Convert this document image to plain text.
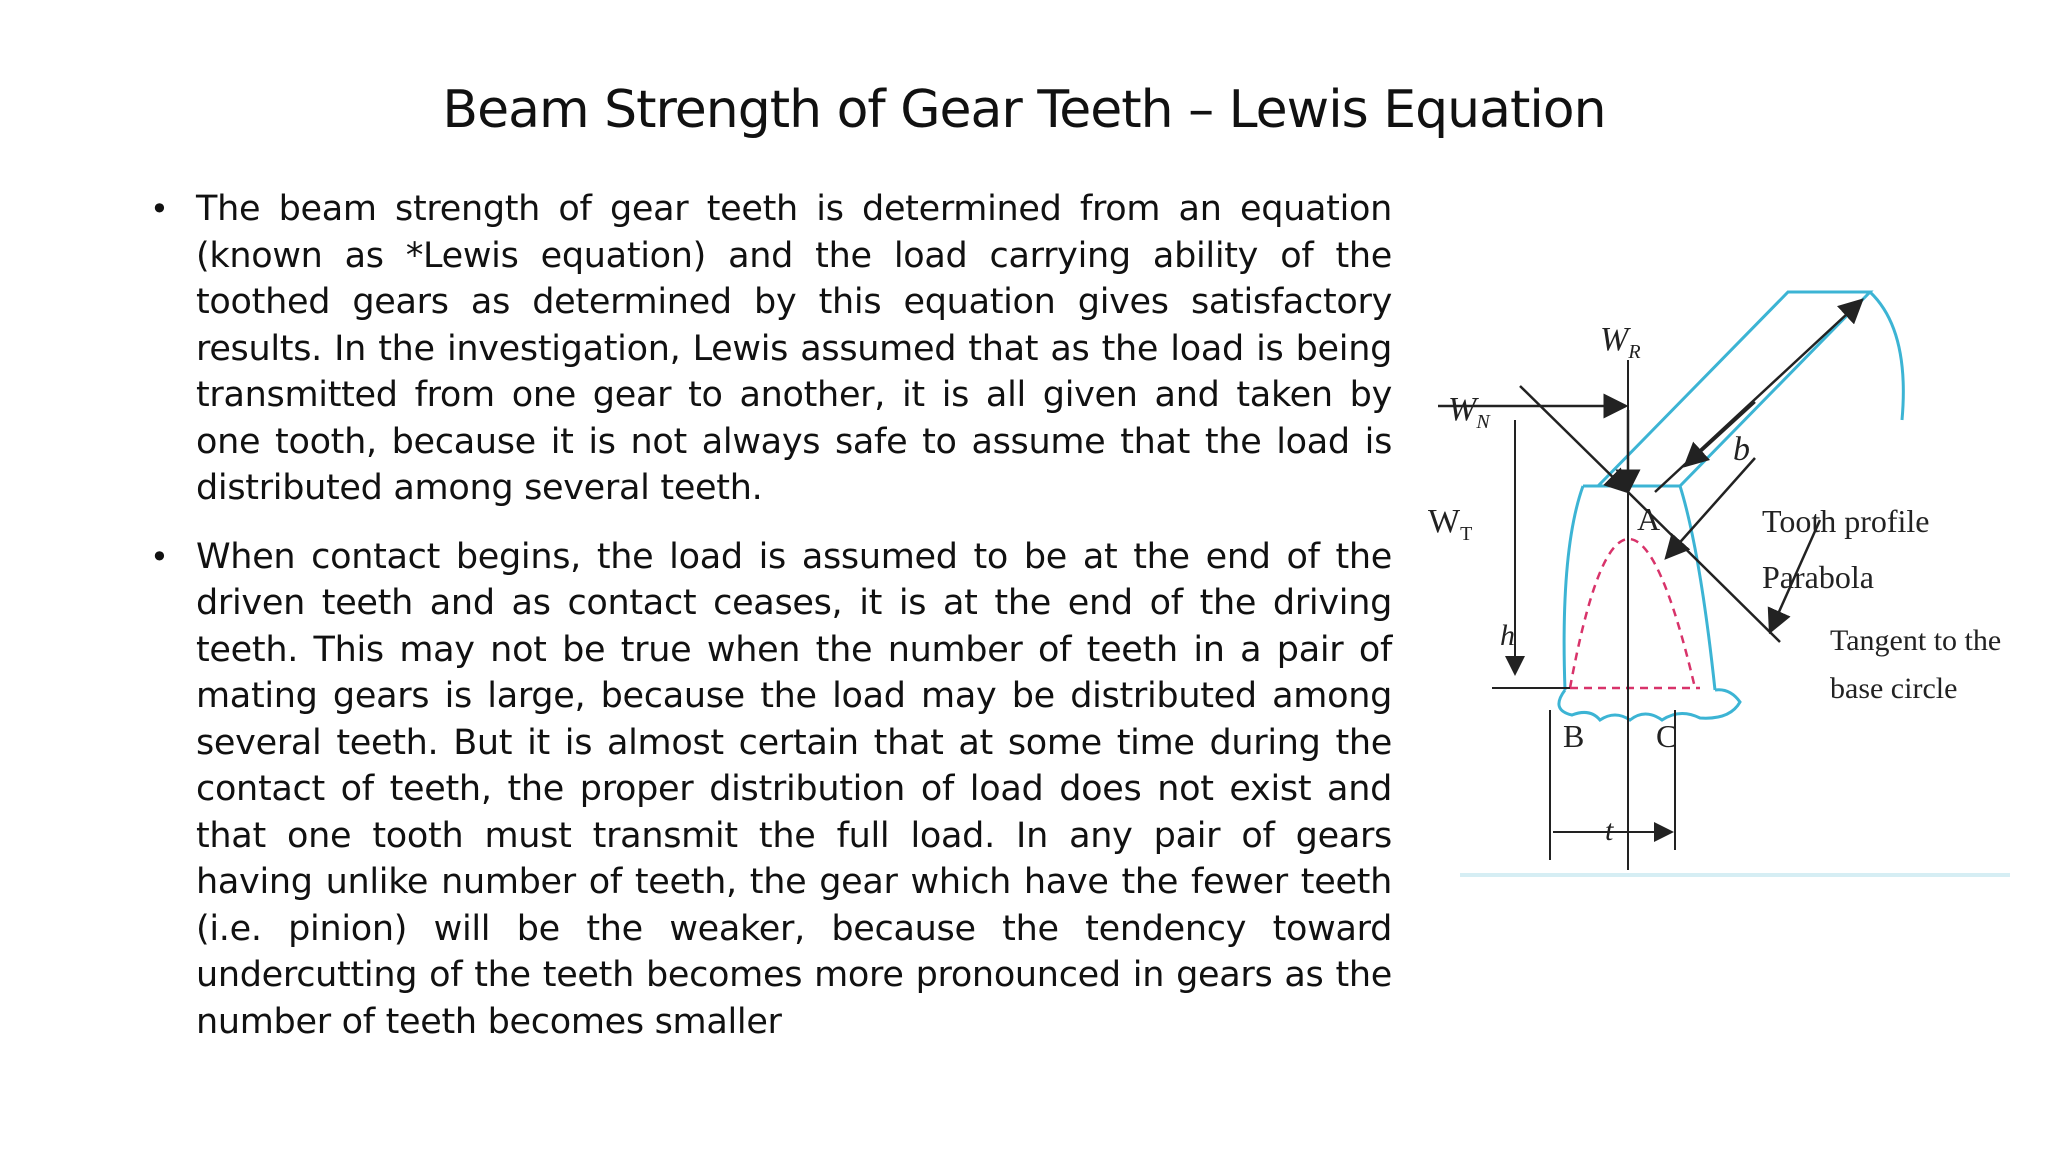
Beam Strength of Gear Teeth – Lewis Equation
• The beam strength of gear teeth is determined from an equation (known as *Lewis equation) and the load carrying ability of the toothed gears as determined by this equation gives satisfactory results. In the investigation, Lewis assumed that as the load is being transmitted from one gear to another, it is all given and taken by one tooth, because it is not always safe to assume that the load is distributed among several teeth.
• When contact begins, the load is assumed to be at the end of the driven teeth and as contact ceases, it is at the end of the driving teeth. This may not be true when the number of teeth in a pair of mating gears is large, because the load may be distributed among several teeth. But it is almost certain that at some time during the contact of teeth, the proper distribution of load does not exist and that one tooth must transmit the full load. In any pair of gears having unlike number of teeth, the gear which have the fewer teeth (i.e. pinion) will be the weaker, because the tendency toward undercutting of the teeth becomes more pronounced in gears as the number of teeth becomes smaller
$W_R$
$W_N$
$W_T$	A
b
h
B C
t
Tooth profile
Parabola
Tangent to the
base circle
